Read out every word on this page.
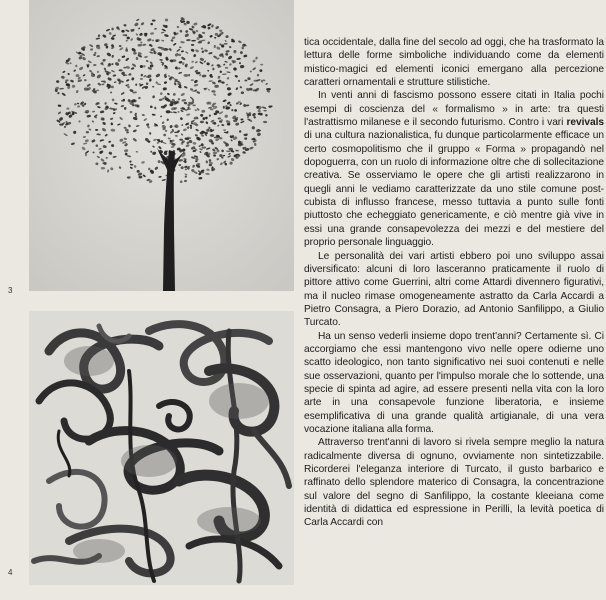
3
4

tica occidentale, dalla fine del secolo ad oggi, che ha trasformato la lettura delle forme simboliche individuando come da elementi mistico-magici ed elementi iconici emergano alla percezione caratteri ornamentali e strutture stilistiche.

In venti anni di fascismo possono essere citati in Italia pochi esempi di coscienza del « formalismo » in arte: tra questi l'astrattismo milanese e il secondo futurismo. Contro i vari revivals di una cultura nazionalistica, fu dunque particolarmente efficace un certo cosmopolitismo che il gruppo « Forma » propagandò nel dopoguerra, con un ruolo di informazione oltre che di sollecitazione creativa. Se osserviamo le opere che gli artisti realizzarono in quegli anni le vediamo caratterizzate da uno stile comune post-cubista di influsso francese, messo tuttavia a punto sulle fonti piuttosto che echeggiato genericamente, e ciò mentre già vive in essi una grande consapevolezza dei mezzi e del mestiere del proprio personale linguaggio.

Le personalità dei vari artisti ebbero poi uno sviluppo assai diversificato: alcuni di loro lasceranno praticamente il ruolo di pittore attivo come Guerrini, altri come Attardi divennero figurativi, ma il nucleo rimase omogeneamente astratto da Carla Accardi a Pietro Consagra, a Piero Dorazio, ad Antonio Sanfilippo, a Giulio Turcato.

Ha un senso vederli insieme dopo trent'anni? Certamente sì. Ci accorgiamo che essi mantengono vivo nelle opere odierne uno scatto ideologico, non tanto significativo nei suoi contenuti e nelle sue osservazioni, quanto per l'impulso morale che lo sottende, una specie di spinta ad agire, ad essere presenti nella vita con la loro arte in una consapevole funzione liberatoria, e insieme esemplificativa di una grande qualità artigianale, di una vera vocazione italiana alla forma.

Attraverso trent'anni di lavoro si rivela sempre meglio la natura radicalmente diversa di ognuno, ovviamente non sintetizzabile. Ricorderei l'eleganza interiore di Turcato, il gusto barbarico e raffinato dello splendore materico di Consagra, la concentrazione sul valore del segno di Sanfilippo, la costante kleeiana come identità di didattica ed espressione in Perilli, la levità poetica di Carla Accardi con
